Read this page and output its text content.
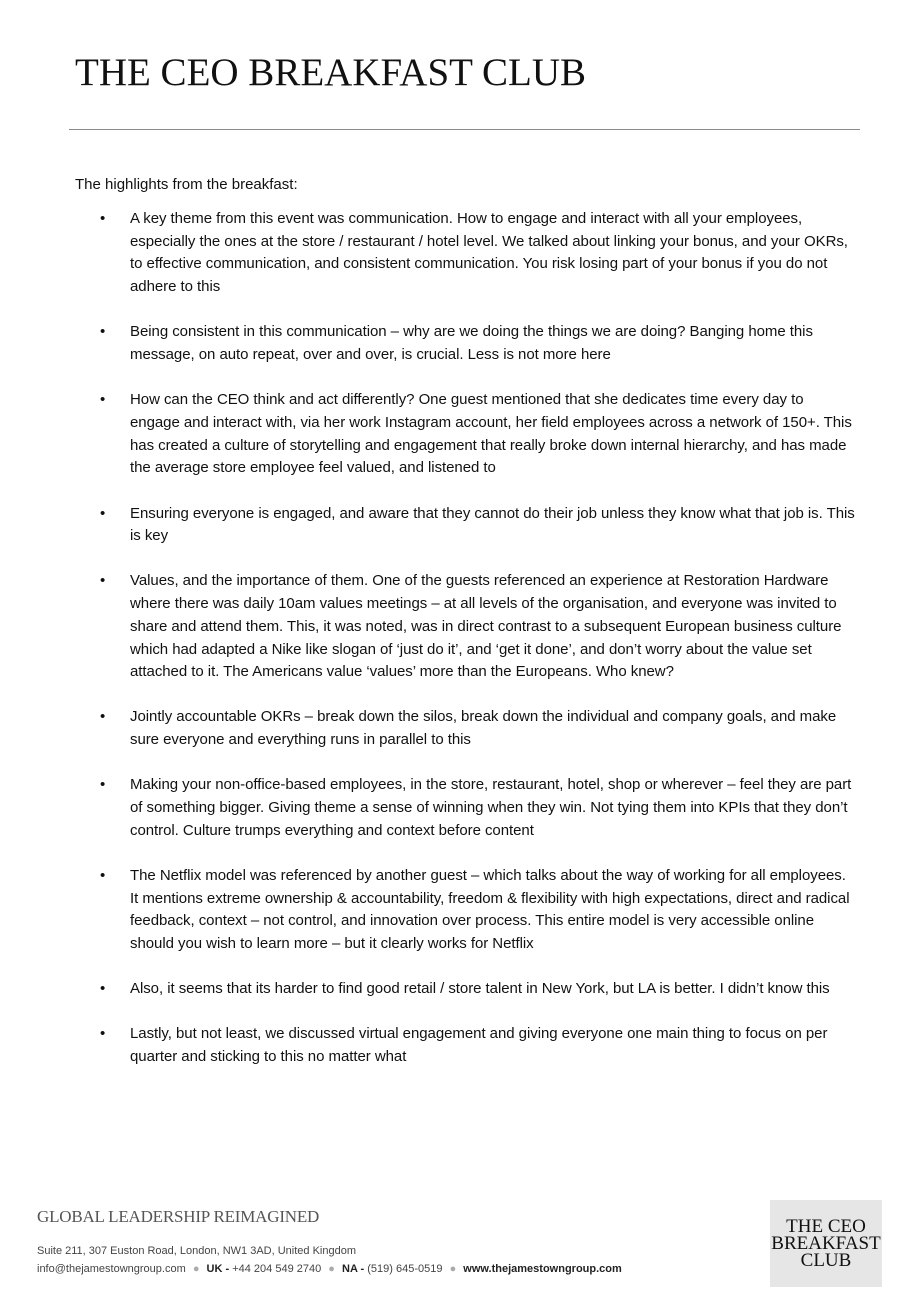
THE CEO BREAKFAST CLUB
The highlights from the breakfast:
• A key theme from this event was communication. How to engage and interact with all your employees, especially the ones at the store / restaurant / hotel level. We talked about linking your bonus, and your OKRs, to effective communication, and consistent communication. You risk losing part of your bonus if you do not adhere to this
• Being consistent in this communication – why are we doing the things we are doing? Banging home this message, on auto repeat, over and over, is crucial. Less is not more here
• How can the CEO think and act differently? One guest mentioned that she dedicates time every day to engage and interact with, via her work Instagram account, her field employees across a network of 150+. This has created a culture of storytelling and engagement that really broke down internal hierarchy, and has made the average store employee feel valued, and listened to
• Ensuring everyone is engaged, and aware that they cannot do their job unless they know what that job is. This is key
• Values, and the importance of them. One of the guests referenced an experience at Restoration Hardware where there was daily 10am values meetings – at all levels of the organisation, and everyone was invited to share and attend them. This, it was noted, was in direct contrast to a subsequent European business culture which had adapted a Nike like slogan of ‘just do it’, and ‘get it done’, and don’t worry about the value set attached to it. The Americans value ‘values’ more than the Europeans. Who knew?
• Jointly accountable OKRs – break down the silos, break down the individual and company goals, and make sure everyone and everything runs in parallel to this
• Making your non-office-based employees, in the store, restaurant, hotel, shop or wherever – feel they are part of something bigger. Giving theme a sense of winning when they win. Not tying them into KPIs that they don’t control. Culture trumps everything and context before content
• The Netflix model was referenced by another guest – which talks about the way of working for all employees. It mentions extreme ownership & accountability, freedom & flexibility with high expectations, direct and radical feedback, context – not control, and innovation over process. This entire model is very accessible online should you wish to learn more – but it clearly works for Netflix
• Also, it seems that its harder to find good retail / store talent in New York, but LA is better. I didn’t know this
• Lastly, but not least, we discussed virtual engagement and giving everyone one main thing to focus on per quarter and sticking to this no matter what
GLOBAL LEADERSHIP REIMAGINED
Suite 211, 307 Euston Road, London, NW1 3AD, United Kingdom
info@thejamestowngroup.com ● UK - +44 204 549 2740 ● NA - (519) 645-0519 ● www.thejamestowngroup.com
THE CEO
BREAKFAST
CLUB
